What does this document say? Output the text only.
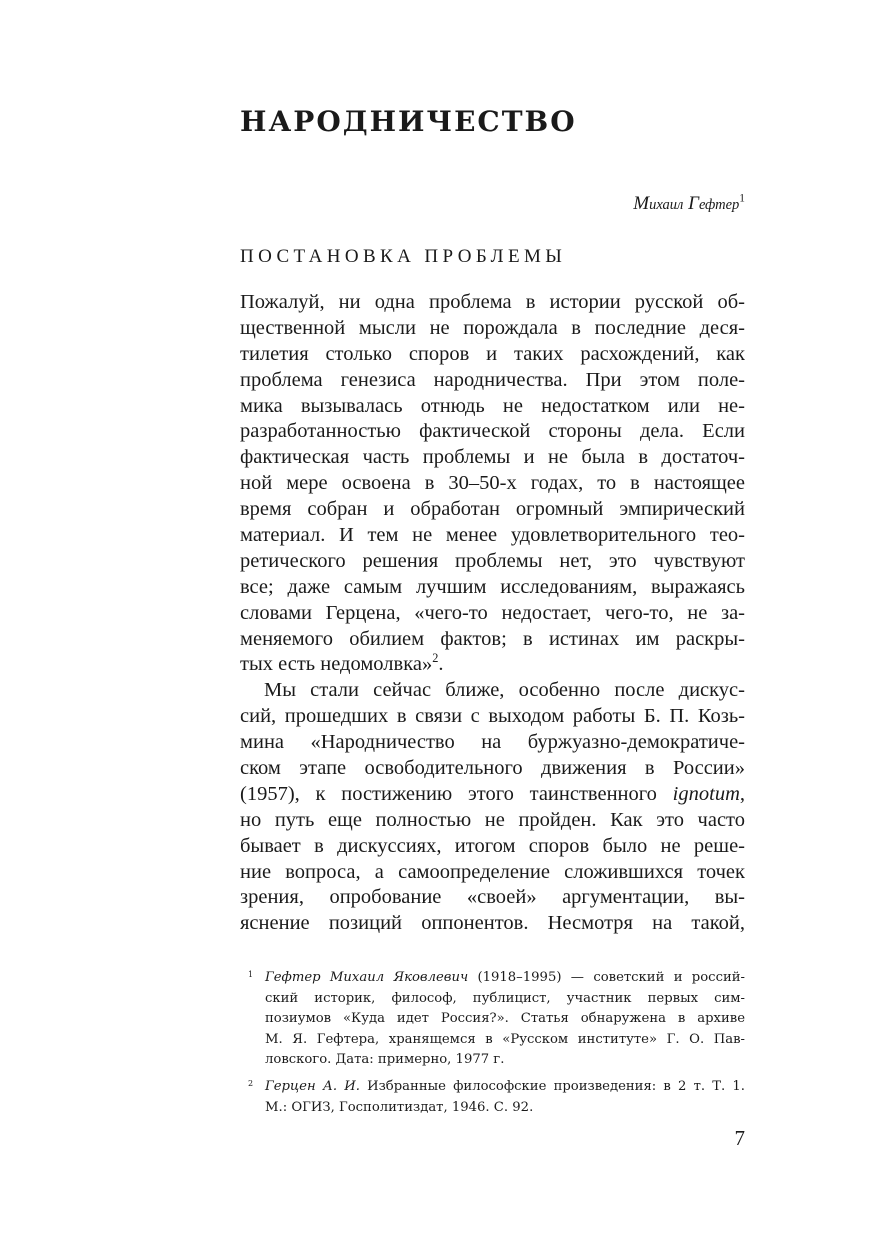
НАРОДНИЧЕСТВО
Михаил Гефтер$^1$
ПОСТАНОВКА ПРОБЛЕМЫ
Пожалуй, ни одна проблема в истории русской об-
щественной мысли не порождала в последние деся-
тилетия столько споров и таких расхождений, как
проблема генезиса народничества. При этом поле-
мика вызывалась отнюдь не недостатком или не-
разработанностью фактической стороны дела. Если
фактическая часть проблемы и не была в достаточ-
ной мере освоена в 30–50-х годах, то в настоящее
время собран и обработан огромный эмпирический
материал. И тем не менее удовлетворительного тео-
ретического решения проблемы нет, это чувствуют
все; даже самым лучшим исследованиям, выражаясь
словами Герцена, «чего-то недостает, чего-то, не за-
меняемого обилием фактов; в истинах им раскры-
тых есть недомолвка»$^2$.
Мы стали сейчас ближе, особенно после дискус-
сий, прошедших в связи с выходом работы Б. П. Козь-
мина «Народничество на буржуазно-демократиче-
ском этапе освободительного движения в России»
(1957), к постижению этого таинственного ignotum,
но путь еще полностью не пройден. Как это часто
бывает в дискуссиях, итогом споров было не реше-
ние вопроса, а самоопределение сложившихся точек
зрения, опробование «своей» аргументации, вы-
яснение позиций оппонентов. Несмотря на такой,
1 Гефтер Михаил Яковлевич (1918–1995) — советский и россий-
ский историк, философ, публицист, участник первых сим-
позиумов «Куда идет Россия?». Статья обнаружена в архиве
М. Я. Гефтера, хранящемся в «Русском институте» Г. О. Пав-
ловского. Дата: примерно, 1977 г.
2 Герцен А. И. Избранные философские произведения: в 2 т. Т. 1.
М.: ОГИЗ, Госполитиздат, 1946. С. 92.
7
